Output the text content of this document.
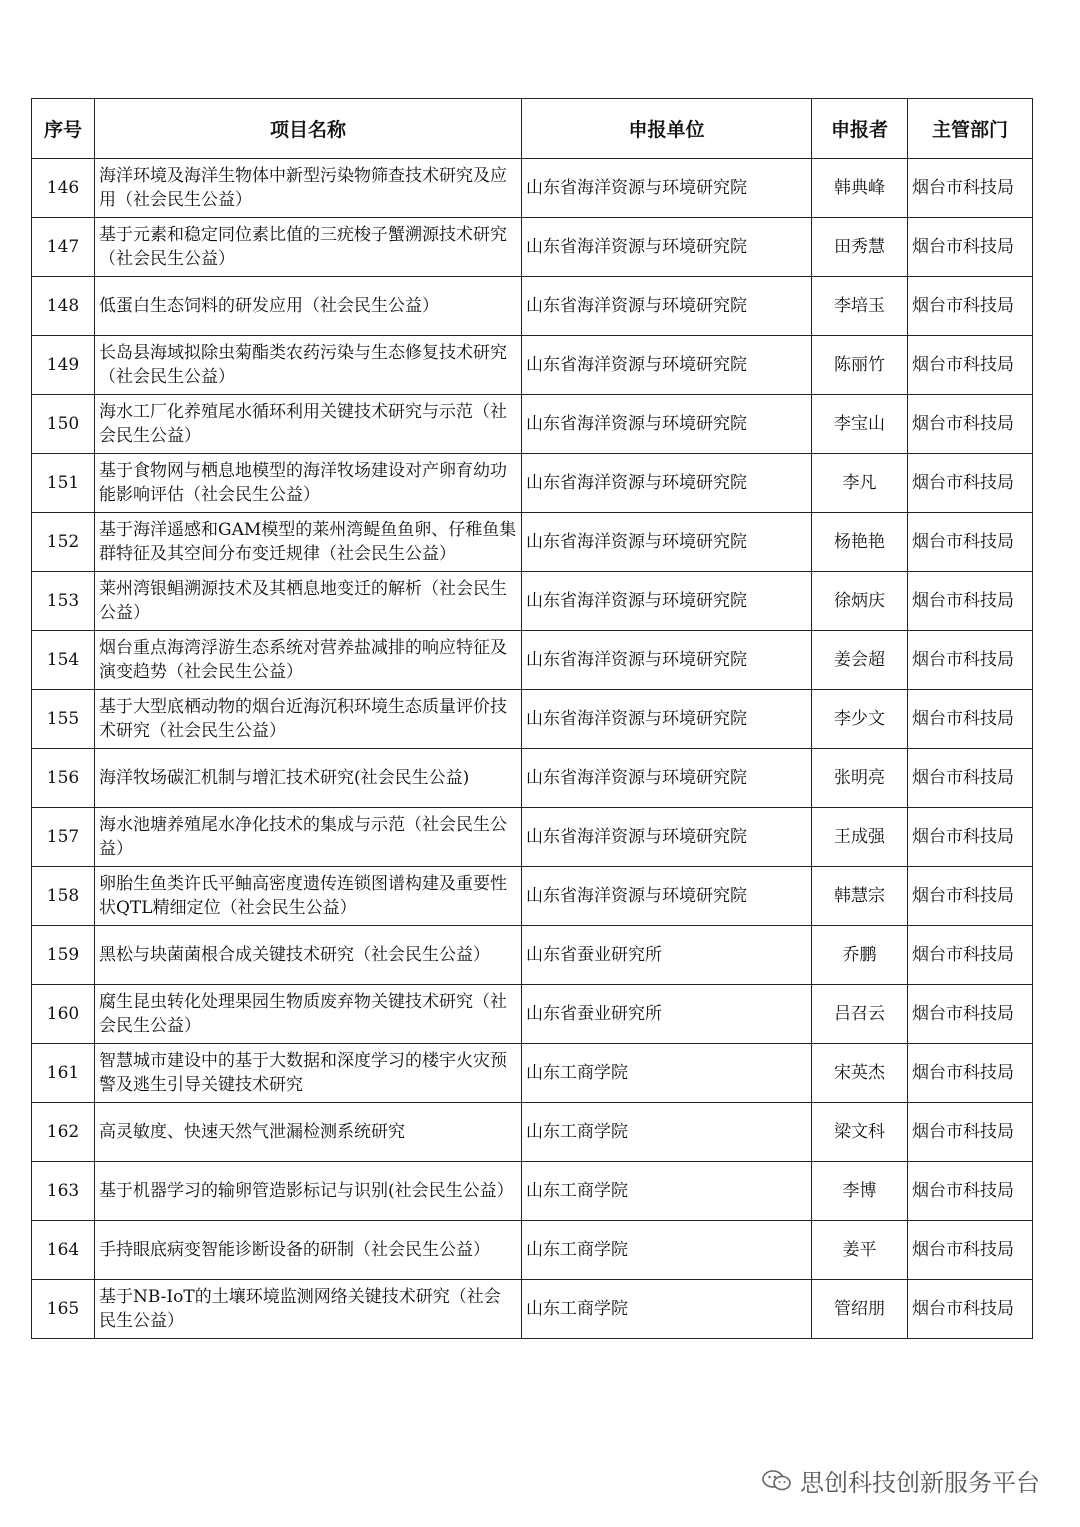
序号	项目名称	申报单位	申报者	主管部门
146	海洋环境及海洋生物体中新型污染物筛查技术研究及应用（社会民生公益）	山东省海洋资源与环境研究院	韩典峰	烟台市科技局
147	基于元素和稳定同位素比值的三疣梭子蟹溯源技术研究（社会民生公益）	山东省海洋资源与环境研究院	田秀慧	烟台市科技局
148	低蛋白生态饲料的研发应用（社会民生公益）	山东省海洋资源与环境研究院	李培玉	烟台市科技局
149	长岛县海域拟除虫菊酯类农药污染与生态修复技术研究（社会民生公益）	山东省海洋资源与环境研究院	陈丽竹	烟台市科技局
150	海水工厂化养殖尾水循环利用关键技术研究与示范（社会民生公益）	山东省海洋资源与环境研究院	李宝山	烟台市科技局
151	基于食物网与栖息地模型的海洋牧场建设对产卵育幼功能影响评估（社会民生公益）	山东省海洋资源与环境研究院	李凡	烟台市科技局
152	基于海洋遥感和GAM模型的莱州湾鳀鱼鱼卵、仔稚鱼集群特征及其空间分布变迁规律（社会民生公益）	山东省海洋资源与环境研究院	杨艳艳	烟台市科技局
153	莱州湾银鲳溯源技术及其栖息地变迁的解析（社会民生公益）	山东省海洋资源与环境研究院	徐炳庆	烟台市科技局
154	烟台重点海湾浮游生态系统对营养盐减排的响应特征及演变趋势（社会民生公益）	山东省海洋资源与环境研究院	姜会超	烟台市科技局
155	基于大型底栖动物的烟台近海沉积环境生态质量评价技术研究（社会民生公益）	山东省海洋资源与环境研究院	李少文	烟台市科技局
156	海洋牧场碳汇机制与增汇技术研究(社会民生公益)	山东省海洋资源与环境研究院	张明亮	烟台市科技局
157	海水池塘养殖尾水净化技术的集成与示范（社会民生公益）	山东省海洋资源与环境研究院	王成强	烟台市科技局
158	卵胎生鱼类许氏平鲉高密度遗传连锁图谱构建及重要性状QTL精细定位（社会民生公益）	山东省海洋资源与环境研究院	韩慧宗	烟台市科技局
159	黑松与块菌菌根合成关键技术研究（社会民生公益）	山东省蚕业研究所	乔鹏	烟台市科技局
160	腐生昆虫转化处理果园生物质废弃物关键技术研究（社会民生公益）	山东省蚕业研究所	吕召云	烟台市科技局
161	智慧城市建设中的基于大数据和深度学习的楼宇火灾预警及逃生引导关键技术研究	山东工商学院	宋英杰	烟台市科技局
162	高灵敏度、快速天然气泄漏检测系统研究	山东工商学院	梁文科	烟台市科技局
163	基于机器学习的输卵管造影标记与识别(社会民生公益）	山东工商学院	李博	烟台市科技局
164	手持眼底病变智能诊断设备的研制（社会民生公益）	山东工商学院	姜平	烟台市科技局
165	基于NB-IoT的土壤环境监测网络关键技术研究（社会民生公益）	山东工商学院	管绍朋	烟台市科技局
思创科技创新服务平台
